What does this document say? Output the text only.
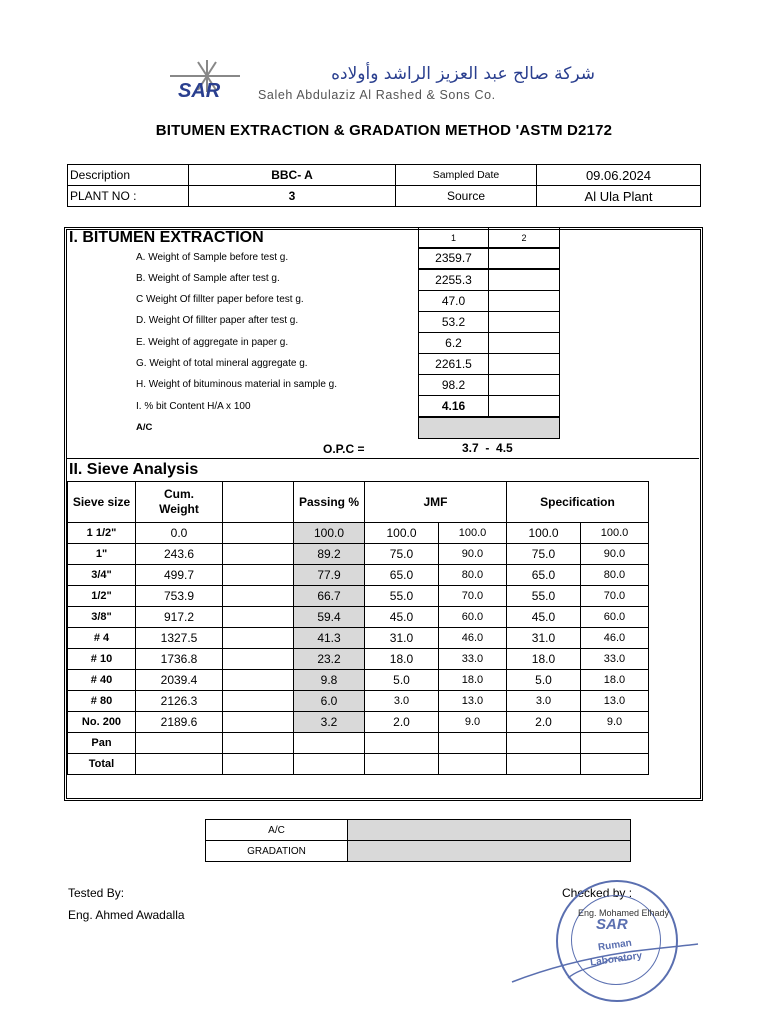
SAR
شركة صالح عبد العزيز الراشد وأولاده
Saleh Abdulaziz Al Rashed & Sons Co.
BITUMEN EXTRACTION & GRADATION METHOD 'ASTM D2172
Description	BBC- A	Sampled Date	09.06.2024
PLANT NO :	3	Source	Al Ula Plant
I. BITUMEN EXTRACTION	1	2
A. Weight of Sample before test g.	2359.7
B. Weight of Sample after test g.	2255.3
C Weight Of fillter paper before test g.	47.0
D. Weight Of fillter paper after test g.	53.2
E. Weight of aggregate in paper g.	6.2
G. Weight of total mineral aggregate g.	2261.5
H. Weight of bituminous material in sample g.	98.2
I. % bit Content H/A x 100	4.16
A/C
O.P.C =	3.7  -  4.5
II. Sieve Analysis
Sieve size	Cum. Weight		Passing %	JMF		Specification	
1 1/2"	0.0		100.0	100.0	100.0	100.0	100.0
1"	243.6		89.2	75.0	90.0	75.0	90.0
3/4"	499.7		77.9	65.0	80.0	65.0	80.0
1/2"	753.9		66.7	55.0	70.0	55.0	70.0
3/8"	917.2		59.4	45.0	60.0	45.0	60.0
# 4	1327.5		41.3	31.0	46.0	31.0	46.0
# 10	1736.8		23.2	18.0	33.0	18.0	33.0
# 40	2039.4		9.8	5.0	18.0	5.0	18.0
# 80	2126.3		6.0	3.0	13.0	3.0	13.0
No. 200	2189.6		3.2	2.0	9.0	2.0	9.0
Pan							
Total							
A/C	
GRADATION	
Tested By:
Eng. Ahmed Awadalla
Checked by :
SAR
Ruman
Laboratory
Eng. Mohamed Elhady
